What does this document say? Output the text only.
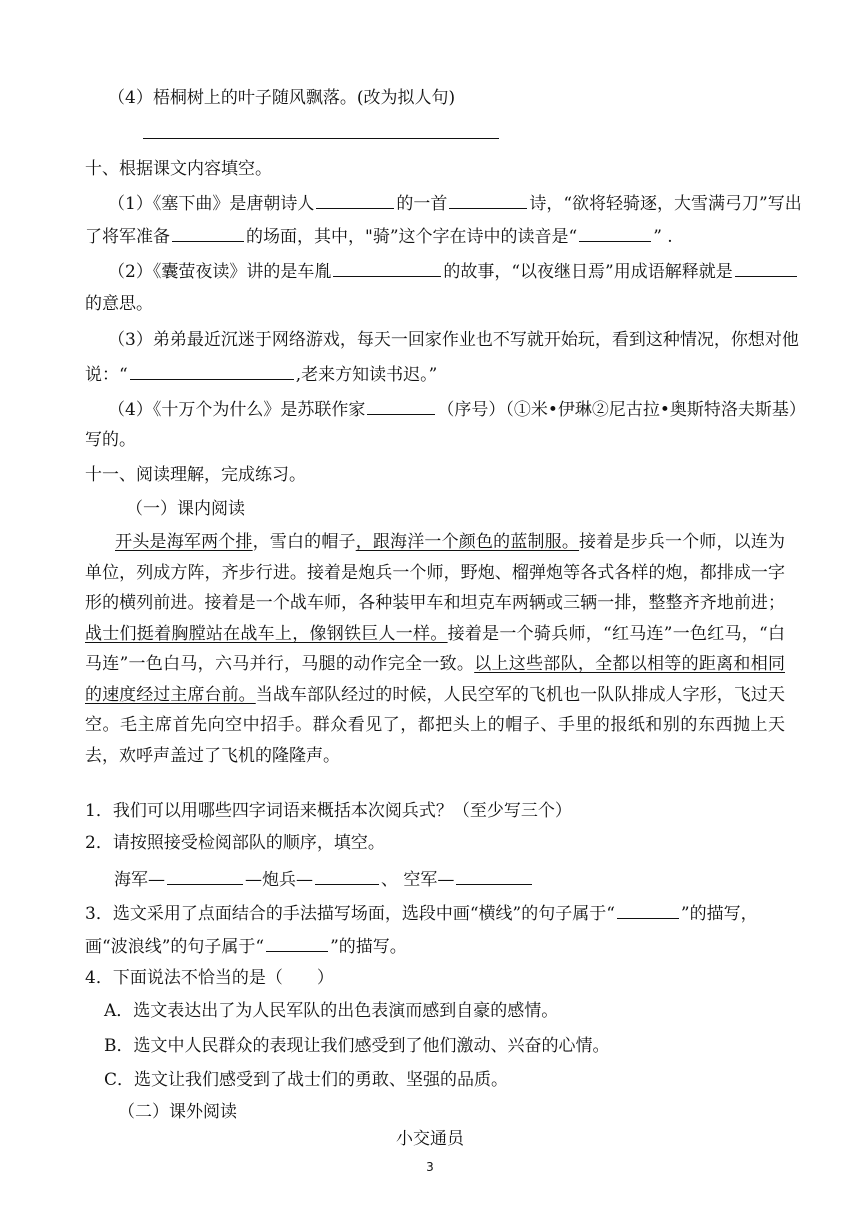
（4）梧桐树上的叶子随风飘落。(改为拟人句)
十、根据课文内容填空。
（1）《塞下曲》是唐朝诗人	的一首	诗，“欲将轻骑逐，大雪满弓刀”写出
了将军准备	的场面，其中，"骑”这个字在诗中的读音是“	” .
（2）《囊萤夜读》讲的是车胤	的故事，“以夜继日焉”用成语解释就是
的意思。
（3）弟弟最近沉迷于网络游戏，每天一回家作业也不写就开始玩，看到这种情况，你想对他
说：“	,老来方知读书迟。”
（4）《十万个为什么》是苏联作家	（序号）（①米•伊琳②尼古拉•奥斯特洛夫斯基）
写的。
十一、阅读理解，完成练习。
（一）课内阅读
开头是海军两个排，雪白的帽子，跟海洋一个颜色的蓝制服。接着是步兵一个师，以连为单位，列成方阵，齐步行进。接着是炮兵一个师，野炮、榴弹炮等各式各样的炮，都排成一字形的横列前进。接着是一个战车师，各种装甲车和坦克车两辆或三辆一排，整整齐齐地前进；战士们挺着胸膛站在战车上，像钢铁巨人一样。接着是一个骑兵师，“红马连”一色红马，“白马连”一色白马，六马并行，马腿的动作完全一致。以上这些部队，全都以相等的距离和相同的速度经过主席台前。当战车部队经过的时候，人民空军的飞机也一队队排成人字形，飞过天空。毛主席首先向空中招手。群众看见了，都把头上的帽子、手里的报纸和别的东西抛上天去，欢呼声盖过了飞机的隆隆声。
1．我们可以用哪些四字词语来概括本次阅兵式？（至少写三个）
2．请按照接受检阅部队的顺序，填空。
海军—	—炮兵—	、 空军—
3．选文采用了点面结合的手法描写场面，选段中画“横线”的句子属于“	”的描写，
画“波浪线”的句子属于“	”的描写。
4．下面说法不恰当的是（　　）
A．选文表达出了为人民军队的出色表演而感到自豪的感情。
B．选文中人民群众的表现让我们感受到了他们激动、兴奋的心情。
C．选文让我们感受到了战士们的勇敢、坚强的品质。
（二）课外阅读
小交通员
3
